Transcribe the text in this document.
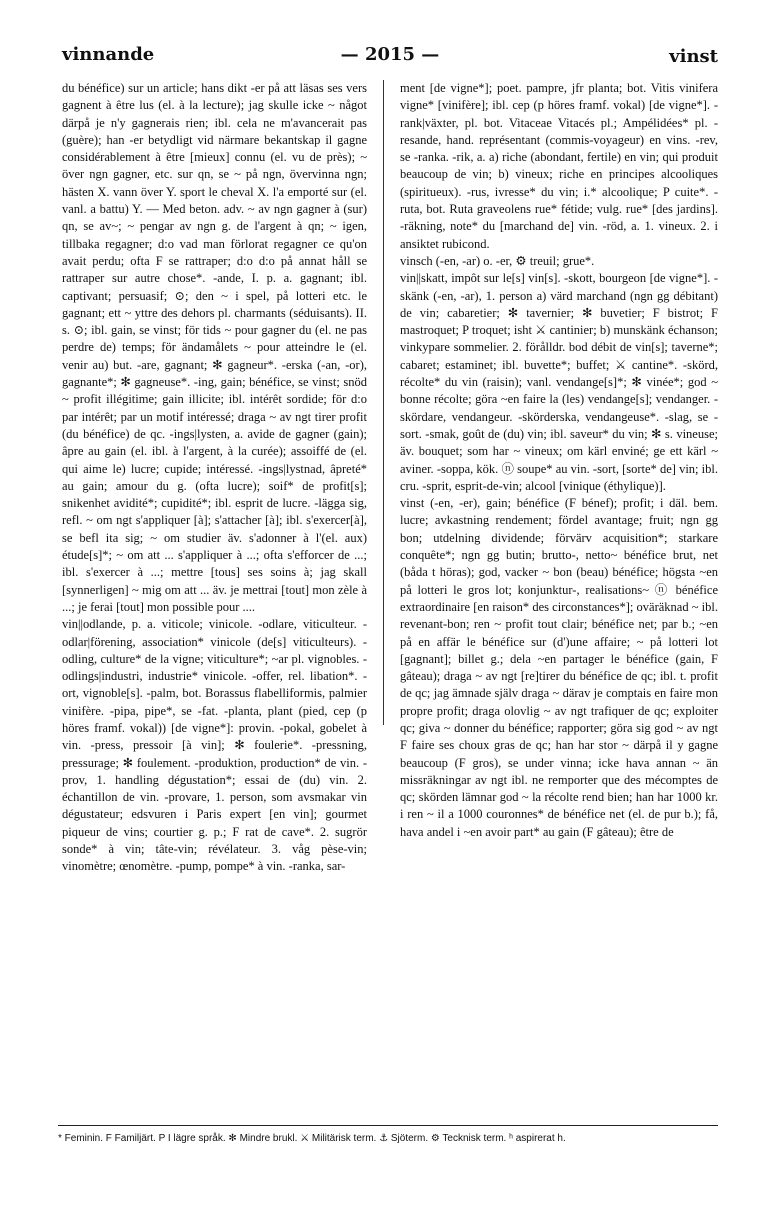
vinnande	— 2015 —	vinst

du bénéfice) sur un article; hans dikt -er på att läsas ses vers gagnent à être lus (el. à la lecture); jag skulle icke ~ något därpå je n'y gagnerais rien; ibl. cela ne m'avancerait pas (guère); han -er betydligt vid närmare bekantskap il gagne considérablement à être [mieux] connu (el. vu de près); ~ över ngn gagner, etc. sur qn, se ~ på ngn, övervinna ngn; hästen X. vann över Y. sport le cheval X. l'a emporté sur (el. vanl. a battu) Y. — Med beton. adv. ~ av ngn gagner à (sur) qn, se av~; ~ pengar av ngn g. de l'argent à qn; ~ igen, tillbaka regagner; d:o vad man förlorat regagner ce qu'on avait perdu; ofta F se rattraper; d:o d:o på annat håll se rattraper sur autre chose*. -ande, I. p. a. gagnant; ibl. captivant; persuasif; ⊙; den ~ i spel, på lotteri etc. le gagnant; ett ~ yttre des dehors pl. charmants (séduisants). II. s. ⊙; ibl. gain, se vinst; för tids ~ pour gagner du (el. ne pas perdre de) temps; för ändamålets ~ pour atteindre le (el. venir au) but. -are, gagnant; ✻ gagneur*. -erska (-an, -or), gagnante*; ✻ gagneuse*. -ing, gain; bénéfice, se vinst; snöd ~ profit illégitime; gain illicite; ibl. intérêt sordide; för d:o par intérêt; par un motif intéressé; draga ~ av ngt tirer profit (du bénéfice) de qc. -ings|lysten, a. avide de gagner (gain); âpre au gain (el. ibl. à l'argent, à la curée); assoiffé de (el. qui aime le) lucre; cupide; intéressé. -ings|lystnad, âpreté* au gain; amour du g. (ofta lucre); soif* de profit[s]; snikenhet avidité*; cupidité*; ibl. esprit de lucre. -lägga sig, refl. ~ om ngt s'appliquer [à]; s'attacher [à]; ibl. s'exercer[à], se befl ita sig; ~ om studier äv. s'adonner à l'(el. aux) étude[s]*; ~ om att ... s'appliquer à ...; ofta s'efforcer de ...; ibl. s'exercer à ...; mettre [tous] ses soins à; jag skall [synnerligen] ~ mig om att ... äv. je mettrai [tout] mon zèle à ...; je ferai [tout] mon possible pour ....

vin||odlande, p. a. viticole; vinicole. -odlare, viticulteur. -odlar|förening, association* vinicole (de[s] viticulteurs). -odling, culture* de la vigne; viticulture*; ~ar pl. vignobles. -odlings|industri, industrie* vinicole. -offer, rel. libation*. -ort, vignoble[s]. -palm, bot. Borassus flabelliformis, palmier vinifère. -pipa, pipe*, se -fat. -planta, plant (pied, cep (p höres framf. vokal)) [de vigne*]: provin. -pokal, gobelet à vin. -press, pressoir [à vin]; ✻ foulerie*. -pressning, pressurage; ✻ foulement. -produktion, production* de vin. -prov, 1. handling dégustation*; essai de (du) vin. 2. échantillon de vin. -provare, 1. person, som avsmakar vin dégustateur; edsvuren i Paris expert [en vin]; gourmet piqueur de vins; courtier g. p.; F rat de cave*. 2. sugrör sonde* à vin; tâte-vin; révélateur. 3. våg pèse-vin; vinomètre; œnomètre. -pump, pompe* à vin. -ranka, sar-

ment [de vigne*]; poet. pampre, jfr planta; bot. Vitis vinifera vigne* [vinifère]; ibl. cep (p höres framf. vokal) [de vigne*]. -rank|växter, pl. bot. Vitaceae Vitacés pl.; Ampélidées* pl. -resande, hand. représentant (commis-voyageur) en vins. -rev, se -ranka. -rik, a. a) riche (abondant, fertile) en vin; qui produit beaucoup de vin; b) vineux; riche en principes alcooliques (spiritueux). -rus, ivresse* du vin; i.* alcoolique; P cuite*. -ruta, bot. Ruta graveolens rue* fétide; vulg. rue* [des jardins]. -räkning, note* du [marchand de] vin. -röd, a. 1. vineux. 2. i ansiktet rubicond.

vinsch (-en, -ar) o. -er, ⚙ treuil; grue*.

vin||skatt, impôt sur le[s] vin[s]. -skott, bourgeon [de vigne*]. -skänk (-en, -ar), 1. person a) värd marchand (ngn gg débitant) de vin; cabaretier; ✻ tavernier; ✻ buvetier; F bistrot; F mastroquet; P troquet; isht ⚔ cantinier; b) munskänk échanson; vinkypare sommelier. 2. förålldr. bod débit de vin[s]; taverne*; cabaret; estaminet; ibl. buvette*; buffet; ⚔ cantine*. -skörd, récolte* du vin (raisin); vanl. vendange[s]*; ✻ vinée*; god ~ bonne récolte; göra ~en faire la (les) vendange[s]; vendanger. -skördare, vendangeur. -skörderska, vendangeuse*. -slag, se -sort. -smak, goût de (du) vin; ibl. saveur* du vin; ✻ s. vineuse; äv. bouquet; som har ~ vineux; om kärl enviné; ge ett kärl ~ aviner. -soppa, kök. ⓝ soupe* au vin. -sort, [sorte* de] vin; ibl. cru. -sprit, esprit-de-vin; alcool [vinique (éthylique)].

vinst (-en, -er), gain; bénéfice (F bénef); profit; i däl. bem. lucre; avkastning rendement; fördel avantage; fruit; ngn gg bon; utdelning dividende; förvärv acquisition*; starkare conquête*; ngn gg butin; brutto-, netto~ bénéfice brut, net (båda t höras); god, vacker ~ bon (beau) bénéfice; högsta ~en på lotteri le gros lot; konjunktur-, realisations~ ⓝ bénéfice extraordinaire [en raison* des circonstances*]; oväräknad ~ ibl. revenant-bon; ren ~ profit tout clair; bénéfice net; par b.; ~en på en affär le bénéfice sur (d')une affaire; ~ på lotteri lot [gagnant]; billet g.; dela ~en partager le bénéfice (gain, F gâteau); draga ~ av ngt [re]tirer du bénéfice de qc; ibl. t. profit de qc; jag ämnade själv draga ~ därav je comptais en faire mon propre profit; draga olovlig ~ av ngt trafiquer de qc; exploiter qc; giva ~ donner du bénéfice; rapporter; göra sig god ~ av ngt F faire ses choux gras de qc; han har stor ~ därpå il y gagne beaucoup (F gros), se under vinna; icke hava annan ~ än missräkningar av ngt ibl. ne remporter que des mécomptes de qc; skörden lämnar god ~ la récolte rend bien; han har 1000 kr. i ren ~ il a 1000 couronnes* de bénéfice net (el. de pur b.); få, hava andel i ~en avoir part* au gain (F gâteau); être de

* Feminin. F Familjärt. P I lägre språk. ✻ Mindre brukl. ⚔ Militärisk term. ⚓ Sjöterm. ⚙ Tecknisk term. ʰ aspirerat h.
